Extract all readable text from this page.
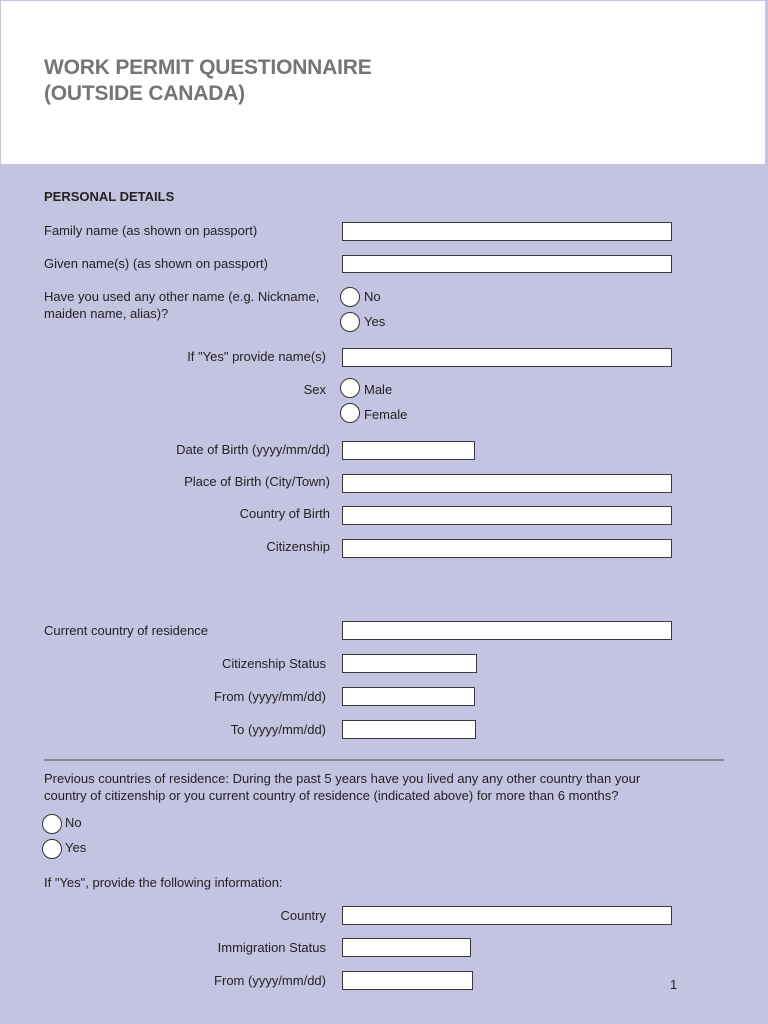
WORK PERMIT QUESTIONNAIRE
(OUTSIDE CANADA)
PERSONAL DETAILS
Family name (as shown on passport)
Given name(s) (as shown on passport)
Have you used any other name (e.g. Nickname,
maiden name, alias)?
No
Yes
If "Yes" provide name(s)
Sex	Male
Female
Date of Birth (yyyy/mm/dd)
Place of Birth (City/Town)
Country of Birth
Citizenship
Current country of residence
Citizenship Status
From (yyyy/mm/dd)
To (yyyy/mm/dd)
Previous countries of residence: During the past 5 years have you lived any any other country than your country of citizenship or you current country of residence (indicated above) for more than 6 months?
No
Yes
If "Yes", provide the following information:
Country
Immigration Status
From (yyyy/mm/dd)	1
